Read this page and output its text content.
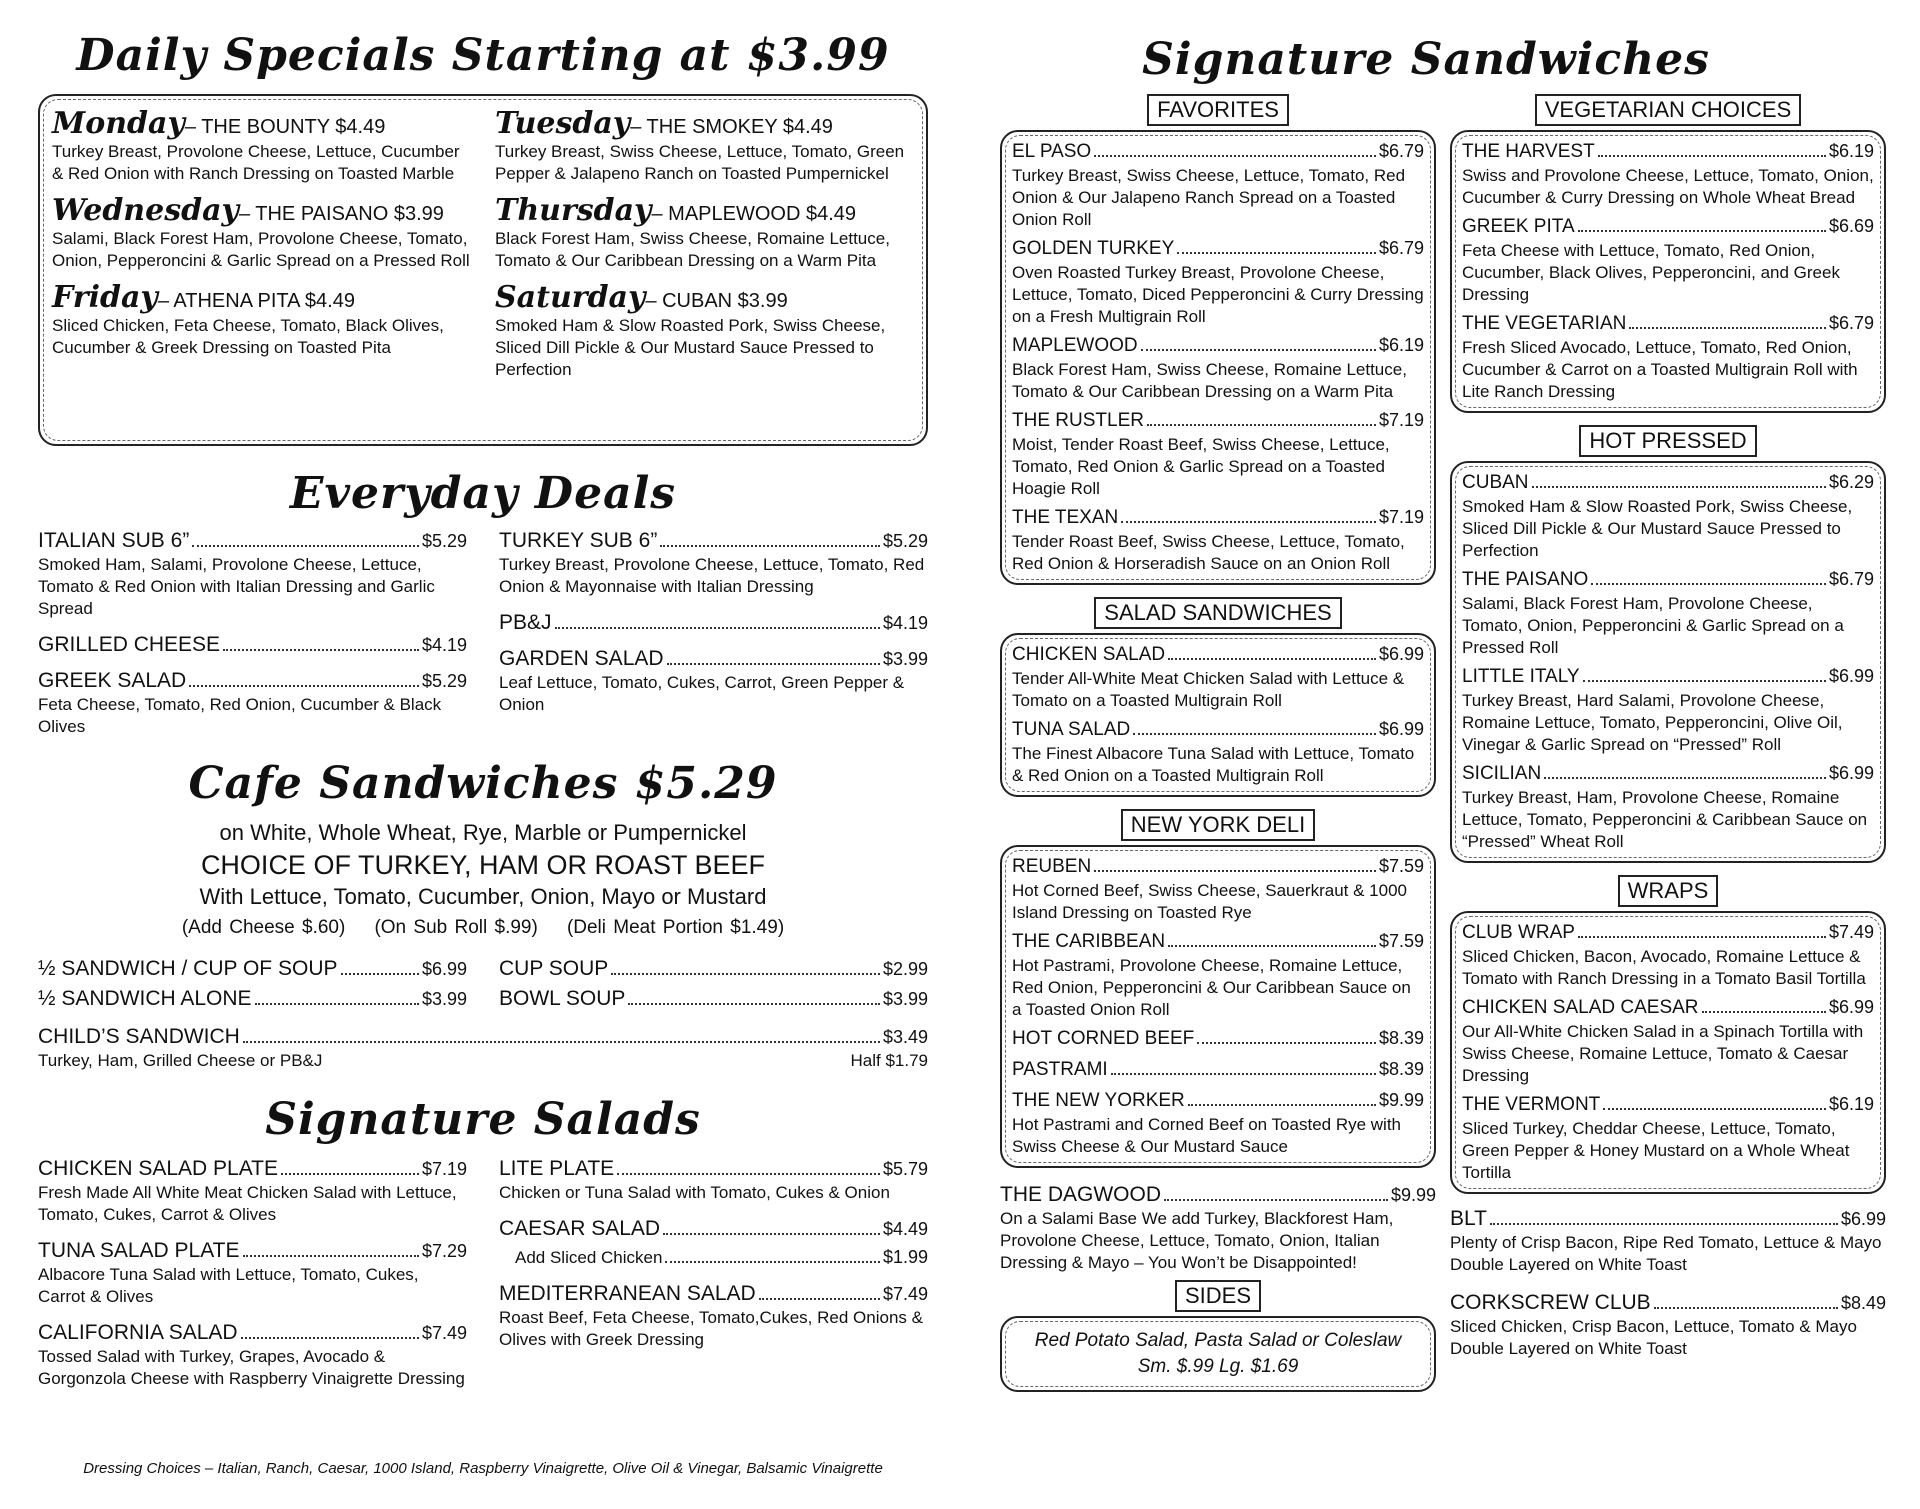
Daily Specials Starting at $3.99
Monday– THE BOUNTY $4.49
Turkey Breast, Provolone Cheese, Lettuce, Cucumber & Red Onion with Ranch Dressing on Toasted Marble
Tuesday– THE SMOKEY $4.49
Turkey Breast, Swiss Cheese, Lettuce, Tomato, Green Pepper & Jalapeno Ranch on Toasted Pumpernickel
Wednesday– THE PAISANO $3.99
Salami, Black Forest Ham, Provolone Cheese, Tomato, Onion, Pepperoncini & Garlic Spread on a Pressed Roll
Thursday– MAPLEWOOD $4.49
Black Forest Ham, Swiss Cheese, Romaine Lettuce, Tomato & Our Caribbean Dressing on a Warm Pita
Friday– ATHENA PITA $4.49
Sliced Chicken, Feta Cheese, Tomato, Black Olives, Cucumber & Greek Dressing on Toasted Pita
Saturday– CUBAN $3.99
Smoked Ham & Slow Roasted Pork, Swiss Cheese, Sliced Dill Pickle & Our Mustard Sauce Pressed to Perfection
Everyday Deals
ITALIAN SUB 6”	$5.29
Smoked Ham, Salami, Provolone Cheese, Lettuce, Tomato & Red Onion with Italian Dressing and Garlic Spread
GRILLED CHEESE	$4.19
GREEK SALAD	$5.29
Feta Cheese, Tomato, Red Onion, Cucumber & Black Olives
TURKEY SUB 6”	$5.29
Turkey Breast, Provolone Cheese, Lettuce, Tomato, Red Onion & Mayonnaise with Italian Dressing
PB&J	$4.19
GARDEN SALAD	$3.99
Leaf Lettuce, Tomato, Cukes, Carrot, Green Pepper & Onion
Cafe Sandwiches $5.29
on White, Whole Wheat, Rye, Marble or Pumpernickel
CHOICE OF TURKEY, HAM OR ROAST BEEF
With Lettuce, Tomato, Cucumber, Onion, Mayo or Mustard
(Add Cheese $.60) (On Sub Roll $.99) (Deli Meat Portion $1.49)
½ SANDWICH / CUP OF SOUP	$6.99
½ SANDWICH ALONE	$3.99
CUP SOUP	$2.99
BOWL SOUP	$3.99
CHILD’S SANDWICH	$3.49
Turkey, Ham, Grilled Cheese or PB&J	Half $1.79
Signature Salads
CHICKEN SALAD PLATE	$7.19
Fresh Made All White Meat Chicken Salad with Lettuce, Tomato, Cukes, Carrot & Olives
TUNA SALAD PLATE	$7.29
Albacore Tuna Salad with Lettuce, Tomato, Cukes, Carrot & Olives
CALIFORNIA SALAD	$7.49
Tossed Salad with Turkey, Grapes, Avocado & Gorgonzola Cheese with Raspberry Vinaigrette Dressing
LITE PLATE	$5.79
Chicken or Tuna Salad with Tomato, Cukes & Onion
CAESAR SALAD	$4.49
Add Sliced Chicken	$1.99
MEDITERRANEAN SALAD	$7.49
Roast Beef, Feta Cheese, Tomato,Cukes, Red Onions & Olives with Greek Dressing
Dressing Choices – Italian, Ranch, Caesar, 1000 Island, Raspberry Vinaigrette, Olive Oil & Vinegar, Balsamic Vinaigrette
Signature Sandwiches
FAVORITES
EL PASO	$6.79
Turkey Breast, Swiss Cheese, Lettuce, Tomato, Red Onion & Our Jalapeno Ranch Spread on a Toasted Onion Roll
GOLDEN TURKEY	$6.79
Oven Roasted Turkey Breast, Provolone Cheese, Lettuce, Tomato, Diced Pepperoncini & Curry Dressing on a Fresh Multigrain Roll
MAPLEWOOD	$6.19
Black Forest Ham, Swiss Cheese, Romaine Lettuce, Tomato & Our Caribbean Dressing on a Warm Pita
THE RUSTLER	$7.19
Moist, Tender Roast Beef, Swiss Cheese, Lettuce, Tomato, Red Onion & Garlic Spread on a Toasted Hoagie Roll
THE TEXAN	$7.19
Tender Roast Beef, Swiss Cheese, Lettuce, Tomato, Red Onion & Horseradish Sauce on an Onion Roll
SALAD SANDWICHES
CHICKEN SALAD	$6.99
Tender All-White Meat Chicken Salad with Lettuce & Tomato on a Toasted Multigrain Roll
TUNA SALAD	$6.99
The Finest Albacore Tuna Salad with Lettuce, Tomato & Red Onion on a Toasted Multigrain Roll
NEW YORK DELI
REUBEN	$7.59
Hot Corned Beef, Swiss Cheese, Sauerkraut & 1000 Island Dressing on Toasted Rye
THE CARIBBEAN	$7.59
Hot Pastrami, Provolone Cheese, Romaine Lettuce, Red Onion, Pepperoncini & Our Caribbean Sauce on a Toasted Onion Roll
HOT CORNED BEEF	$8.39
PASTRAMI	$8.39
THE NEW YORKER	$9.99
Hot Pastrami and Corned Beef on Toasted Rye with Swiss Cheese & Our Mustard Sauce
THE DAGWOOD	$9.99
On a Salami Base We add Turkey, Blackforest Ham, Provolone Cheese, Lettuce, Tomato, Onion, Italian Dressing & Mayo – You Won’t be Disappointed!
SIDES
Red Potato Salad, Pasta Salad or Coleslaw
Sm. $.99 Lg. $1.69
VEGETARIAN CHOICES
THE HARVEST	$6.19
Swiss and Provolone Cheese, Lettuce, Tomato, Onion, Cucumber & Curry Dressing on Whole Wheat Bread
GREEK PITA	$6.69
Feta Cheese with Lettuce, Tomato, Red Onion, Cucumber, Black Olives, Pepperoncini, and Greek Dressing
THE VEGETARIAN	$6.79
Fresh Sliced Avocado, Lettuce, Tomato, Red Onion, Cucumber & Carrot on a Toasted Multigrain Roll with Lite Ranch Dressing
HOT PRESSED
CUBAN	$6.29
Smoked Ham & Slow Roasted Pork, Swiss Cheese, Sliced Dill Pickle & Our Mustard Sauce Pressed to Perfection
THE PAISANO	$6.79
Salami, Black Forest Ham, Provolone Cheese, Tomato, Onion, Pepperoncini & Garlic Spread on a Pressed Roll
LITTLE ITALY	$6.99
Turkey Breast, Hard Salami, Provolone Cheese, Romaine Lettuce, Tomato, Pepperoncini, Olive Oil, Vinegar & Garlic Spread on “Pressed” Roll
SICILIAN	$6.99
Turkey Breast, Ham, Provolone Cheese, Romaine Lettuce, Tomato, Pepperoncini & Caribbean Sauce on “Pressed” Wheat Roll
WRAPS
CLUB WRAP	$7.49
Sliced Chicken, Bacon, Avocado, Romaine Lettuce & Tomato with Ranch Dressing in a Tomato Basil Tortilla
CHICKEN SALAD CAESAR	$6.99
Our All-White Chicken Salad in a Spinach Tortilla with Swiss Cheese, Romaine Lettuce, Tomato & Caesar Dressing
THE VERMONT	$6.19
Sliced Turkey, Cheddar Cheese, Lettuce, Tomato, Green Pepper & Honey Mustard on a Whole Wheat Tortilla
BLT	$6.99
Plenty of Crisp Bacon, Ripe Red Tomato, Lettuce & Mayo Double Layered on White Toast
CORKSCREW CLUB	$8.49
Sliced Chicken, Crisp Bacon, Lettuce, Tomato & Mayo Double Layered on White Toast
